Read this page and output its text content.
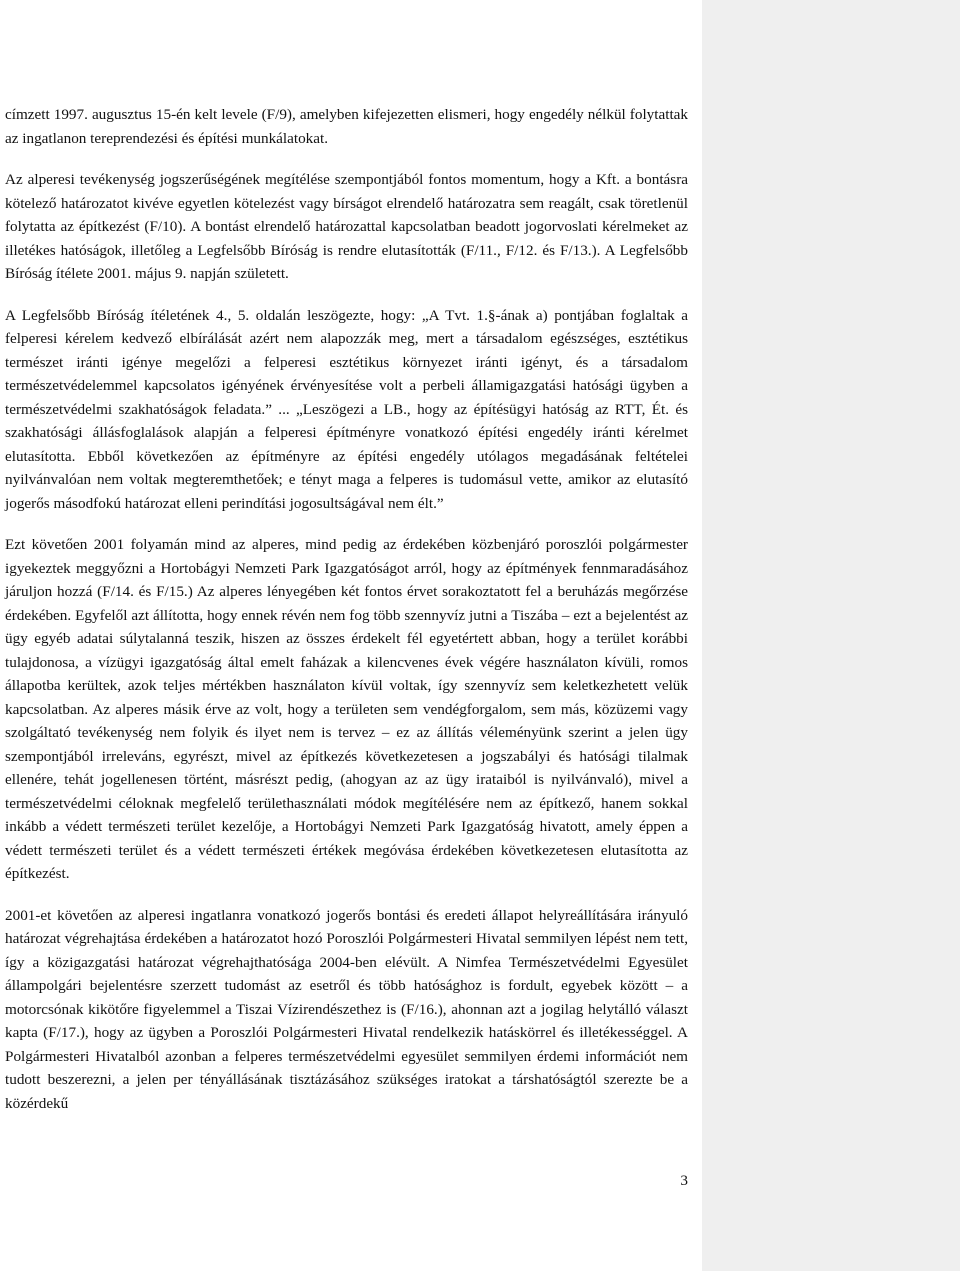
címzett 1997. augusztus 15-én kelt levele (F/9), amelyben kifejezetten elismeri, hogy engedély nélkül folytattak az ingatlanon tereprendezési és építési munkálatokat.

Az alperesi tevékenység jogszerűségének megítélése szempontjából fontos momentum, hogy a Kft. a bontásra kötelező határozatot kivéve egyetlen kötelezést vagy bírságot elrendelő határozatra sem reagált, csak töretlenül folytatta az építkezést (F/10). A bontást elrendelő határozattal kapcsolatban beadott jogorvoslati kérelmeket az illetékes hatóságok, illetőleg a Legfelsőbb Bíróság is rendre elutasították (F/11., F/12. és F/13.). A Legfelsőbb Bíróság ítélete 2001. május 9. napján született.

A Legfelsőbb Bíróság ítéletének 4., 5. oldalán leszögezte, hogy: „A Tvt. 1.§-ának a) pontjában foglaltak a felperesi kérelem kedvező elbírálását azért nem alapozzák meg, mert a társadalom egészséges, esztétikus természet iránti igénye megelőzi a felperesi esztétikus környezet iránti igényt, és a társadalom természetvédelemmel kapcsolatos igényének érvényesítése volt a perbeli államigazgatási hatósági ügyben a természetvédelmi szakhatóságok feladata.” ... „Leszögezi a LB., hogy az építésügyi hatóság az RTT, Ét. és szakhatósági állásfoglalások alapján a felperesi építményre vonatkozó építési engedély iránti kérelmet elutasította. Ebből következően az építményre az építési engedély utólagos megadásának feltételei nyilvánvalóan nem voltak megteremthetőek; e tényt maga a felperes is tudomásul vette, amikor az elutasító jogerős másodfokú határozat elleni perindítási jogosultságával nem élt.”

Ezt követően 2001 folyamán mind az alperes, mind pedig az érdekében közbenjáró poroszlói polgármester igyekeztek meggyőzni a Hortobágyi Nemzeti Park Igazgatóságot arról, hogy az építmények fennmaradásához járuljon hozzá (F/14. és F/15.) Az alperes lényegében két fontos érvet sorakoztatott fel a beruházás megőrzése érdekében. Egyfelől azt állította, hogy ennek révén nem fog több szennyvíz jutni a Tiszába – ezt a bejelentést az ügy egyéb adatai súlytalanná teszik, hiszen az összes érdekelt fél egyetértett abban, hogy a terület korábbi tulajdonosa, a vízügyi igazgatóság által emelt faházak a kilencvenes évek végére használaton kívüli, romos állapotba kerültek, azok teljes mértékben használaton kívül voltak, így szennyvíz sem keletkezhetett velük kapcsolatban. Az alperes másik érve az volt, hogy a területen sem vendégforgalom, sem más, közüzemi vagy szolgáltató tevékenység nem folyik és ilyet nem is tervez – ez az állítás véleményünk szerint a jelen ügy szempontjából irreleváns, egyrészt, mivel az építkezés következetesen a jogszabályi és hatósági tilalmak ellenére, tehát jogellenesen történt, másrészt pedig, (ahogyan az az ügy irataiból is nyilvánvaló), mivel a természetvédelmi céloknak megfelelő területhasználati módok megítélésére nem az építkező, hanem sokkal inkább a védett természeti terület kezelője, a Hortobágyi Nemzeti Park Igazgatóság hivatott, amely éppen a védett természeti terület és a védett természeti értékek megóvása érdekében következetesen elutasította az építkezést.

2001-et követően az alperesi ingatlanra vonatkozó jogerős bontási és eredeti állapot helyreállítására irányuló határozat végrehajtása érdekében a határozatot hozó Poroszlói Polgármesteri Hivatal semmilyen lépést nem tett, így a közigazgatási határozat végrehajthatósága 2004-ben elévült. A Nimfea Természetvédelmi Egyesület állampolgári bejelentésre szerzett tudomást az esetről és több hatósághoz is fordult, egyebek között – a motorcsónak kikötőre figyelemmel a Tiszai Vízirendészethez is (F/16.), ahonnan azt a jogilag helytálló választ kapta (F/17.), hogy az ügyben a Poroszlói Polgármesteri Hivatal rendelkezik hatáskörrel és illetékességgel. A Polgármesteri Hivatalból azonban a felperes természetvédelmi egyesület semmilyen érdemi információt nem tudott beszerezni, a jelen per tényállásának tisztázásához szükséges iratokat a társhatóságtól szerezte be a közérdekű

3
